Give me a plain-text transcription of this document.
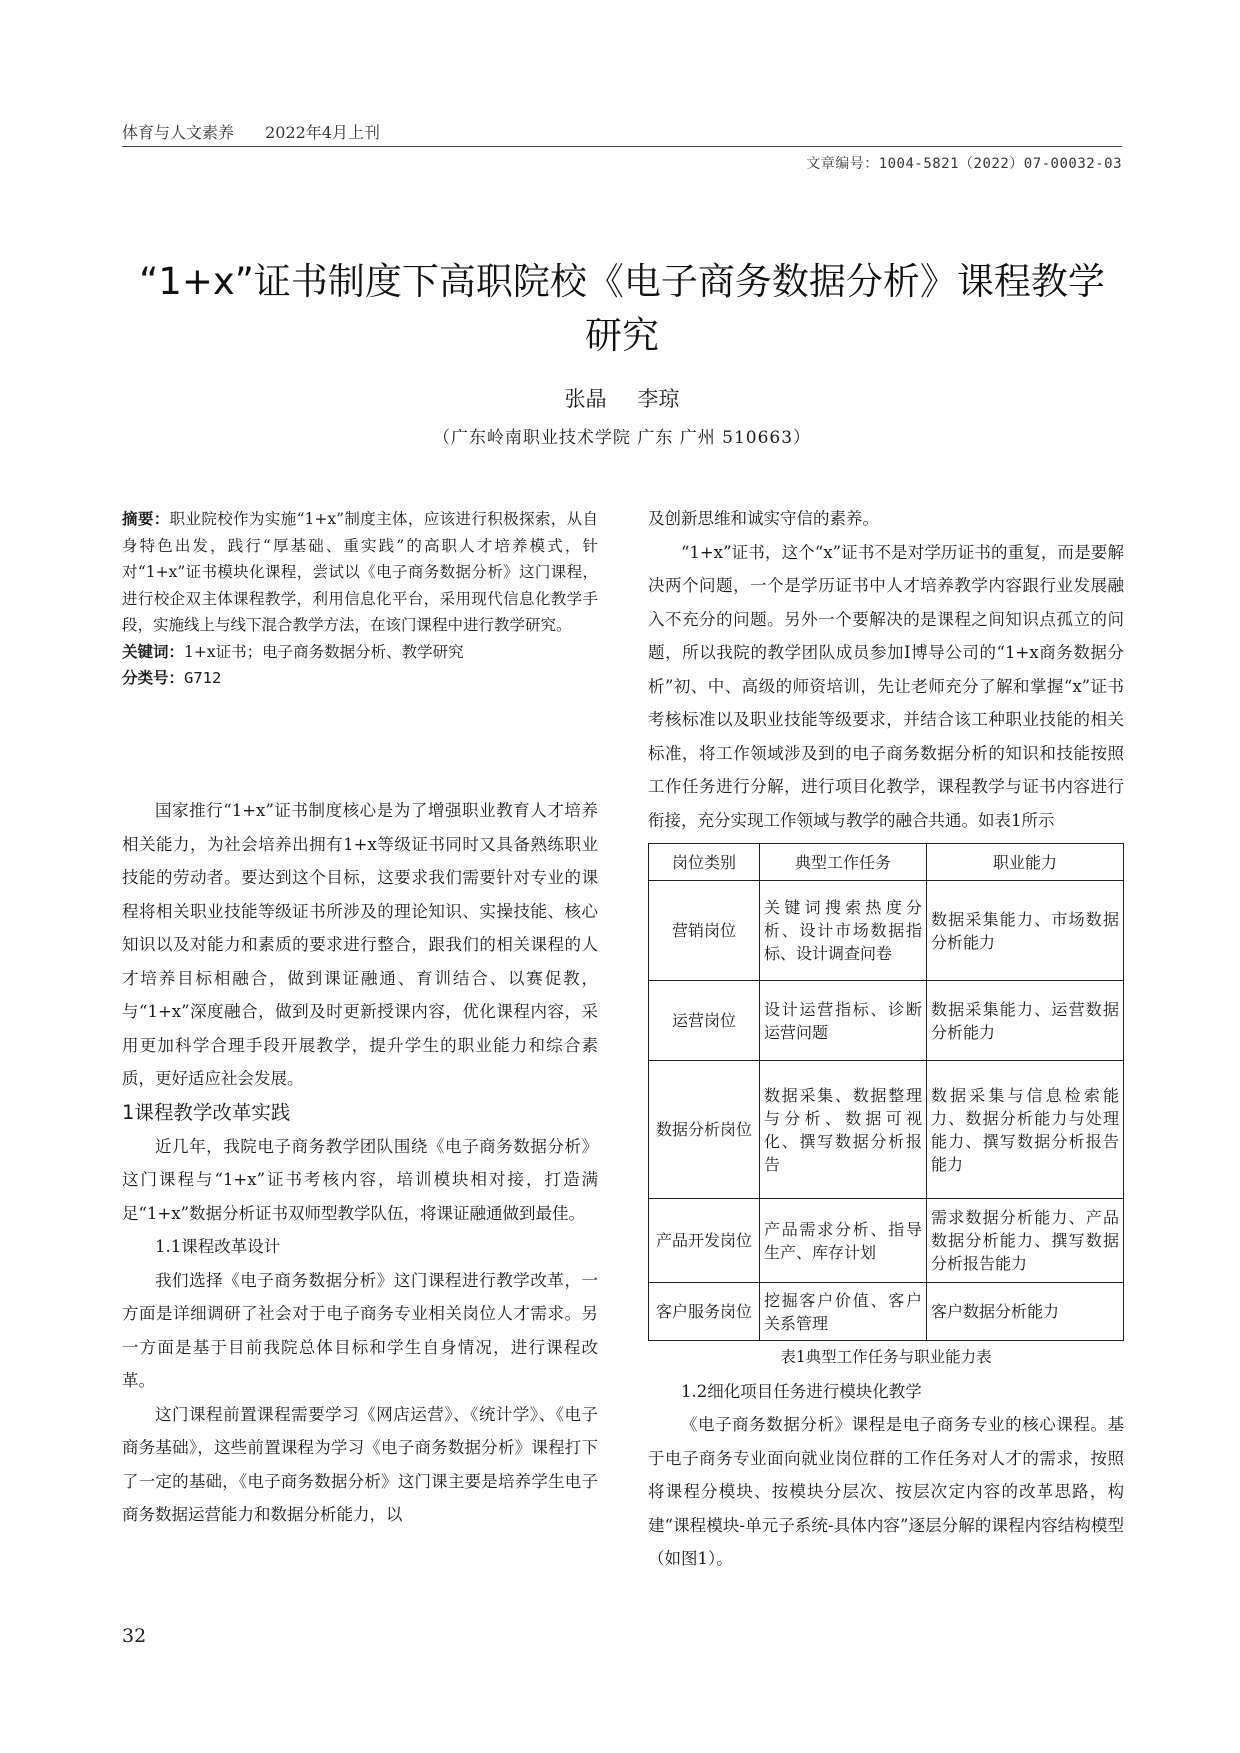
体育与人文素养 2022年4月上刊
文章编号：1004-5821（2022）07-00032-03
“1+x”证书制度下高职院校《电子商务数据分析》课程教学研究
张晶 李琼
（广东岭南职业技术学院 广东 广州 510663）

摘要：职业院校作为实施“1+x”制度主体，应该进行积极探索，从自身特色出发，践行“厚基础、重实践”的高职人才培养模式，针对“1+x”证书模块化课程，尝试以《电子商务数据分析》这门课程，进行校企双主体课程教学，利用信息化平台，采用现代信息化教学手段，实施线上与线下混合教学方法，在该门课程中进行教学研究。

关键词：1+x证书；电子商务数据分析、教学研究

分类号：G712

国家推行“1+x”证书制度核心是为了增强职业教育人才培养相关能力，为社会培养出拥有1+x等级证书同时又具备熟练职业技能的劳动者。要达到这个目标，这要求我们需要针对专业的课程将相关职业技能等级证书所涉及的理论知识、实操技能、核心知识以及对能力和素质的要求进行整合，跟我们的相关课程的人才培养目标相融合，做到课证融通、育训结合、以赛促教，与“1+x”深度融合，做到及时更新授课内容，优化课程内容，采用更加科学合理手段开展教学，提升学生的职业能力和综合素质，更好适应社会发展。

1课程教学改革实践

近几年，我院电子商务教学团队围绕《电子商务数据分析》这门课程与“1+x”证书考核内容，培训模块相对接，打造满足“1+x”数据分析证书双师型教学队伍，将课证融通做到最佳。

1.1课程改革设计

我们选择《电子商务数据分析》这门课程进行教学改革，一方面是详细调研了社会对于电子商务专业相关岗位人才需求。另一方面是基于目前我院总体目标和学生自身情况，进行课程改革。

这门课程前置课程需要学习《网店运营》、《统计学》、《电子商务基础》，这些前置课程为学习《电子商务数据分析》课程打下了一定的基础，《电子商务数据分析》这门课主要是培养学生电子商务数据运营能力和数据分析能力，以

及创新思维和诚实守信的素养。

“1+x”证书，这个“x”证书不是对学历证书的重复，而是要解决两个问题，一个是学历证书中人才培养教学内容跟行业发展融入不充分的问题。另外一个要解决的是课程之间知识点孤立的问题，所以我院的教学团队成员参加I博导公司的“1+x商务数据分析”初、中、高级的师资培训，先让老师充分了解和掌握“x”证书考核标准以及职业技能等级要求，并结合该工种职业技能的相关标准，将工作领域涉及到的电子商务数据分析的知识和技能按照工作任务进行分解，进行项目化教学，课程教学与证书内容进行衔接，充分实现工作领域与教学的融合共通。如表1所示

岗位类别	典型工作任务	职业能力
营销岗位	关键词搜索热度分析、设计市场数据指标、设计调查问卷	数据采集能力、市场数据分析能力
运营岗位	设计运营指标、诊断运营问题	数据采集能力、运营数据分析能力
数据分析岗位	数据采集、数据整理与分析、数据可视化、撰写数据分析报告	数据采集与信息检索能力、数据分析能力与处理能力、撰写数据分析报告能力
产品开发岗位	产品需求分析、指导生产、库存计划	需求数据分析能力、产品数据分析能力、撰写数据分析报告能力
客户服务岗位	挖掘客户价值、客户关系管理	客户数据分析能力

表1典型工作任务与职业能力表

1.2细化项目任务进行模块化教学

《电子商务数据分析》课程是电子商务专业的核心课程。基于电子商务专业面向就业岗位群的工作任务对人才的需求，按照将课程分模块、按模块分层次、按层次定内容的改革思路，构建“课程模块-单元子系统-具体内容”逐层分解的课程内容结构模型（如图1）。

32
